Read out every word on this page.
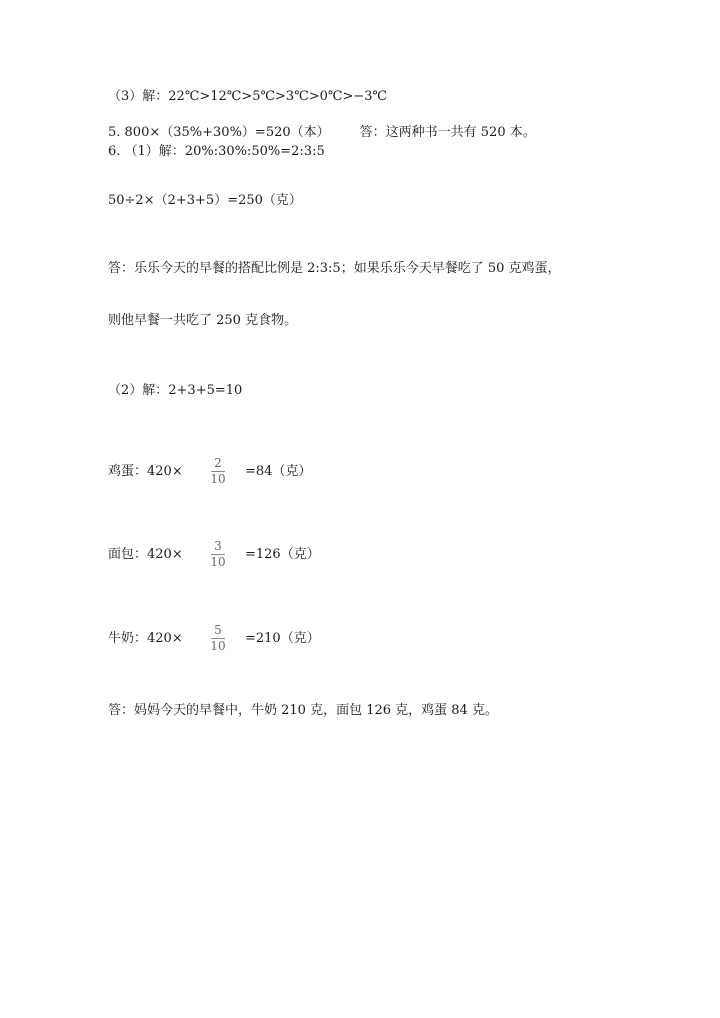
（3）解：22℃>12℃>5℃>3℃>0℃>−3℃
5. 800×（35%+30%）=520（本） 答：这两种书一共有 520 本。
6. （1）解：20%:30%:50%=2:3:5
50÷2×（2+3+5）=250（克）
答：乐乐今天的早餐的搭配比例是 2:3:5；如果乐乐今天早餐吃了 50 克鸡蛋，
则他早餐一共吃了 250 克食物。
（2）解：2+3+5=10
鸡蛋：420×
2
10 =84（克）
面包：420×
3
10 =126（克）
牛奶：420×
5
10 =210（克）
答：妈妈今天的早餐中，牛奶 210 克，面包 126 克，鸡蛋 84 克。
